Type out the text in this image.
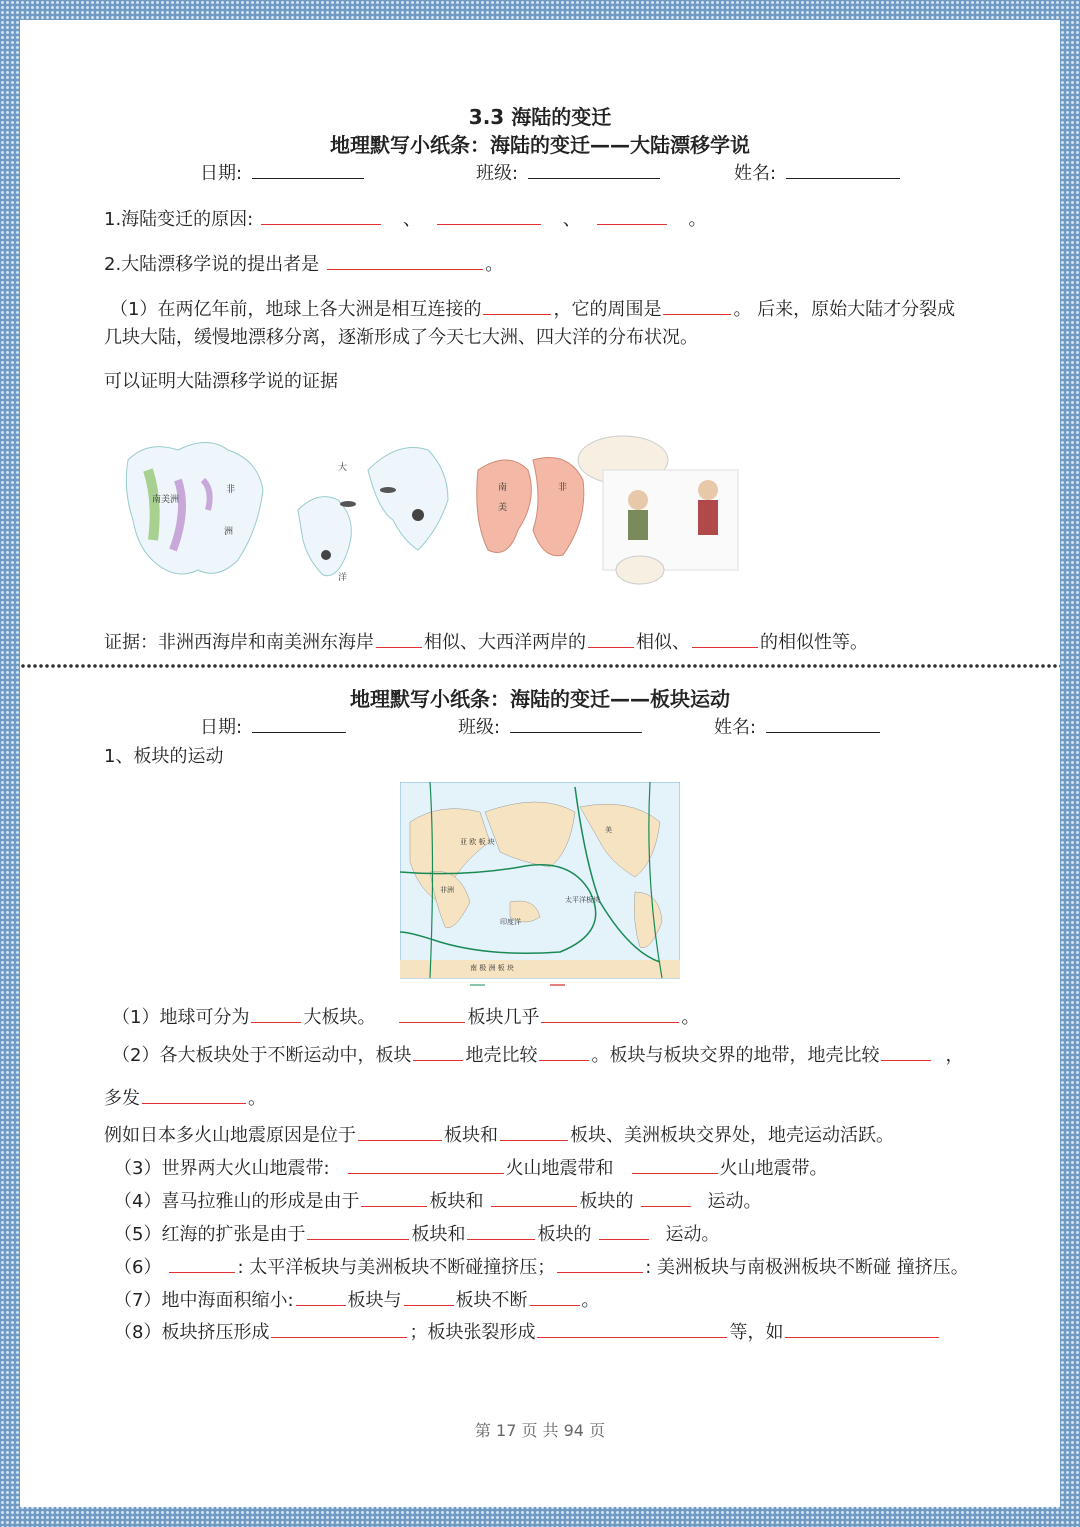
3.3 海陆的变迁
地理默写小纸条：海陆的变迁——大陆漂移学说
日期:	班级:	姓名:
1.海陆变迁的原因:	、	、	。
2.大陆漂移学说的提出者是	。
（1）在两亿年前，地球上各大洲是相互连接的	，它的周围是	。 后来，原始大陆才分裂成
几块大陆，缓慢地漂移分离，逐渐形成了今天七大洲、四大洋的分布状况。
可以证明大陆漂移学说的证据
南美洲
非
洲
大
洋
南
美
非
证据：非洲西海岸和南美洲东海岸	相似、大西洋两岸的	相似、	的相似性等。
地理默写小纸条：海陆的变迁——板块运动
日期:	班级:	姓名:
1、板块的运动
亚 欧 板 块
美
太平洋板块
印度洋
非洲
南 极 洲 板 块
（1）地球可分为	大板块。	板块几乎	。
（2）各大板块处于不断运动中，板块	地壳比较	。板块与板块交界的地带，地壳比较	，
多发	。
例如日本多火山地震原因是位于	板块和	板块、美洲板块交界处，地壳运动活跃。
（3）世界两大火山地震带:	火山地震带和	火山地震带。
（4）喜马拉雅山的形成是由于	板块和	板块的	运动。
（5）红海的扩张是由于	板块和	板块的	运动。
（6）	: 太平洋板块与美洲板块不断碰撞挤压；	: 美洲板块与南极洲板块不断碰 撞挤压。
（7）地中海面积缩小:	板块与	板块不断	。
（8）板块挤压形成	；板块张裂形成	等，如
第 17 页 共 94 页
